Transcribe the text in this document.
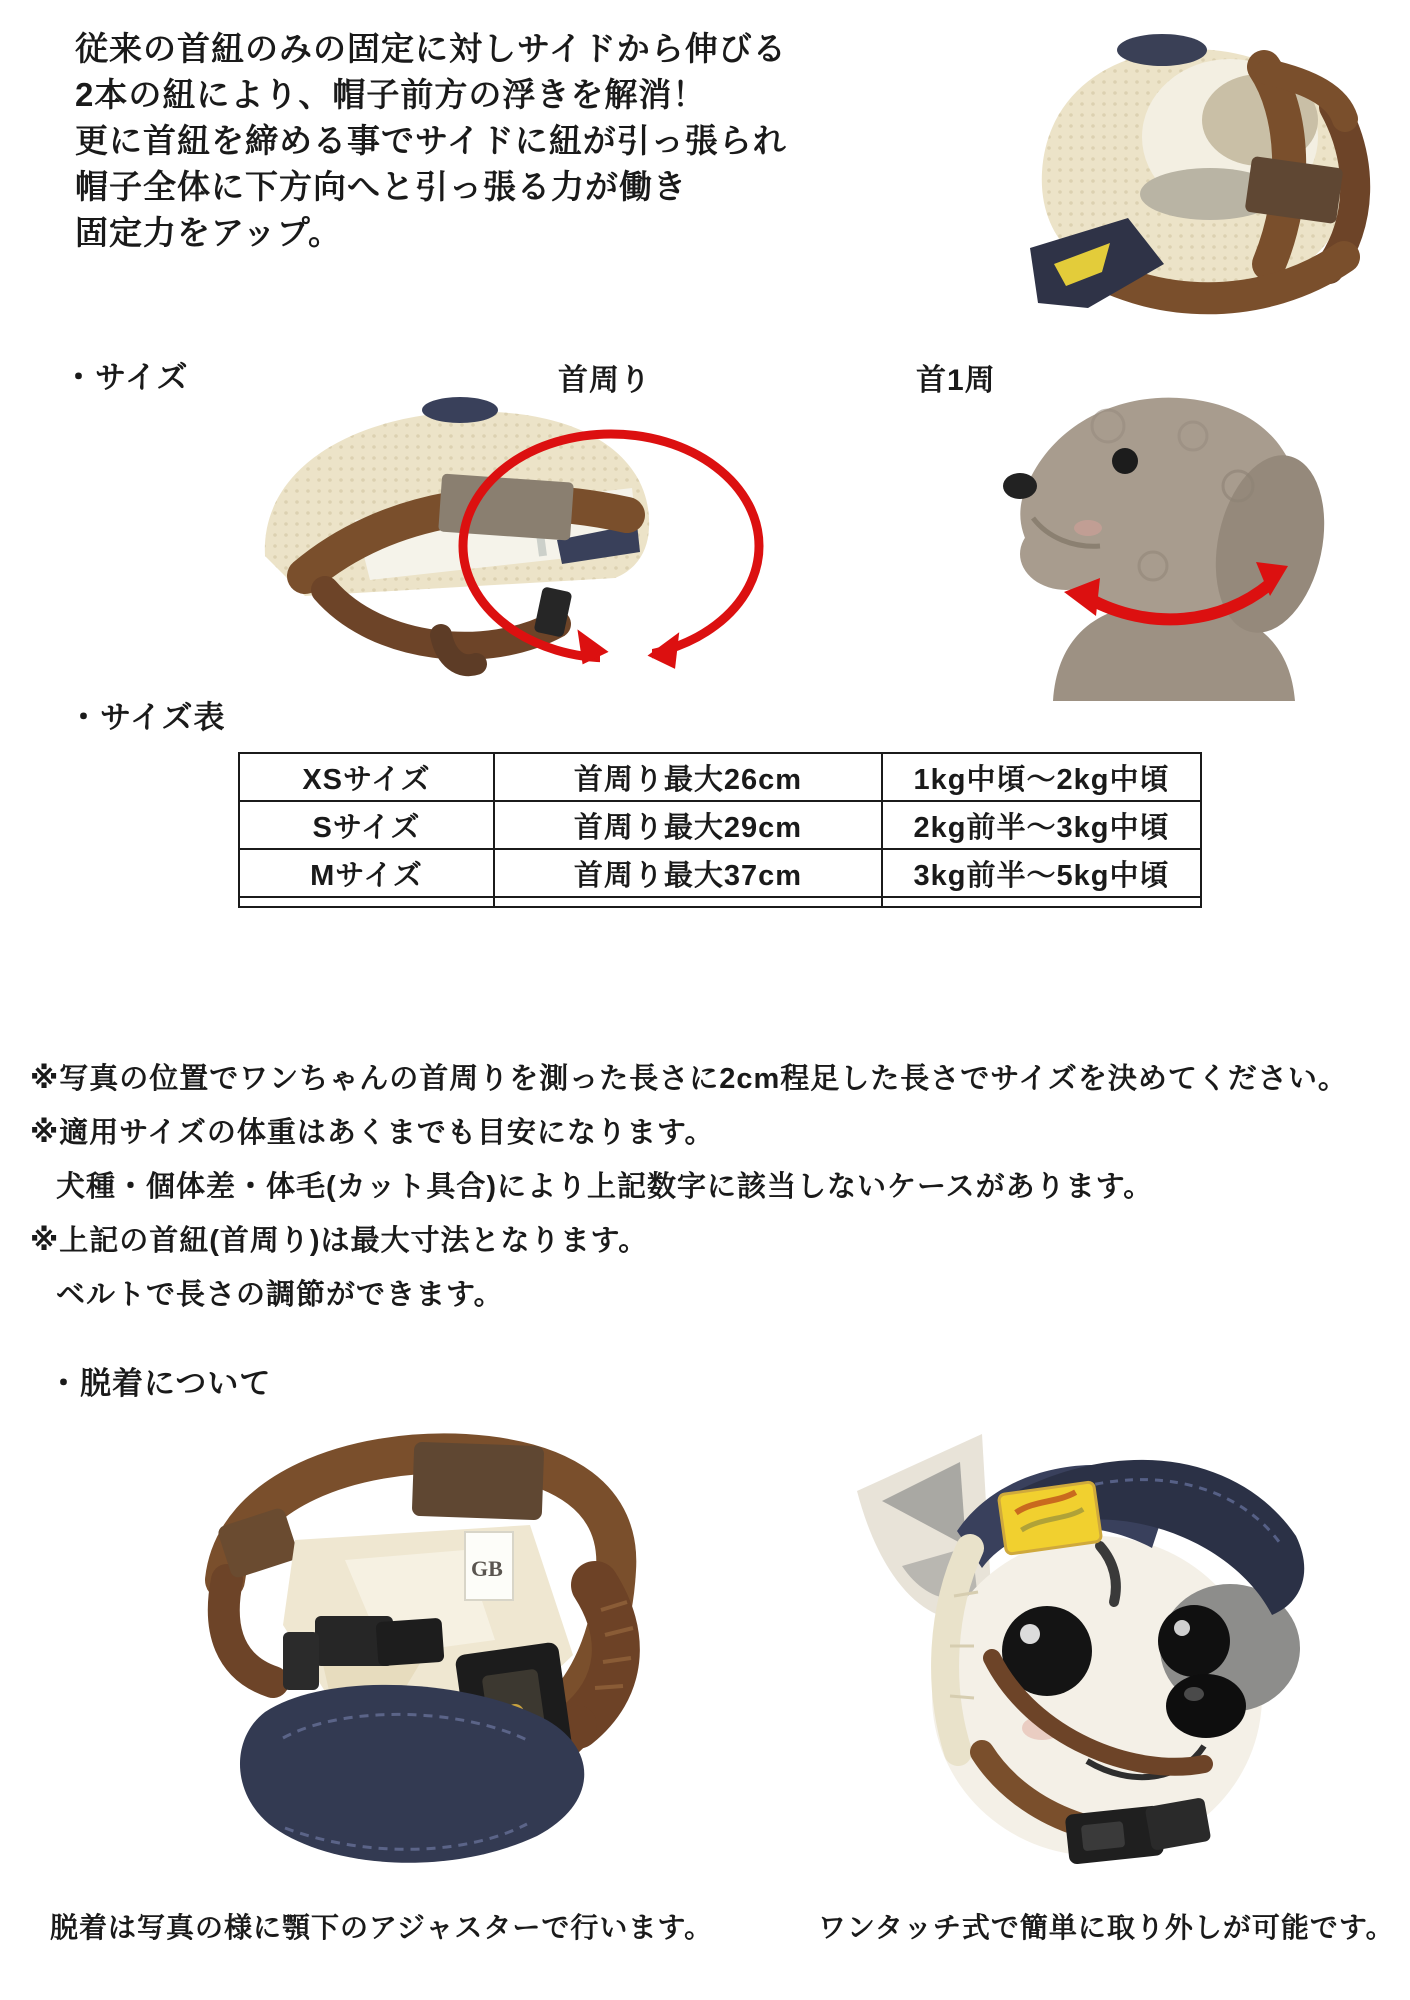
従来の首紐のみの固定に対しサイドから伸びる
2本の紐により、帽子前方の浮きを解消！
更に首紐を締める事でサイドに紐が引っ張られ
帽子全体に下方向へと引っ張る力が働き
固定力をアップ。
・サイズ	首周り	首1周
・サイズ表
XSサイズ	首周り最大26cm	1kg中頃～2kg中頃
Sサイズ	首周り最大29cm	2kg前半～3kg中頃
Mサイズ	首周り最大37cm	3kg前半～5kg中頃

※写真の位置でワンちゃんの首周りを測った長さに2cm程足した長さでサイズを決めてください。
※適用サイズの体重はあくまでも目安になります。
犬種・個体差・体毛(カット具合)により上記数字に該当しないケースがあります。
※上記の首紐(首周り)は最大寸法となります。
ベルトで長さの調節ができます。
・脱着について
GB
脱着は写真の様に顎下のアジャスターで行います。	ワンタッチ式で簡単に取り外しが可能です。
